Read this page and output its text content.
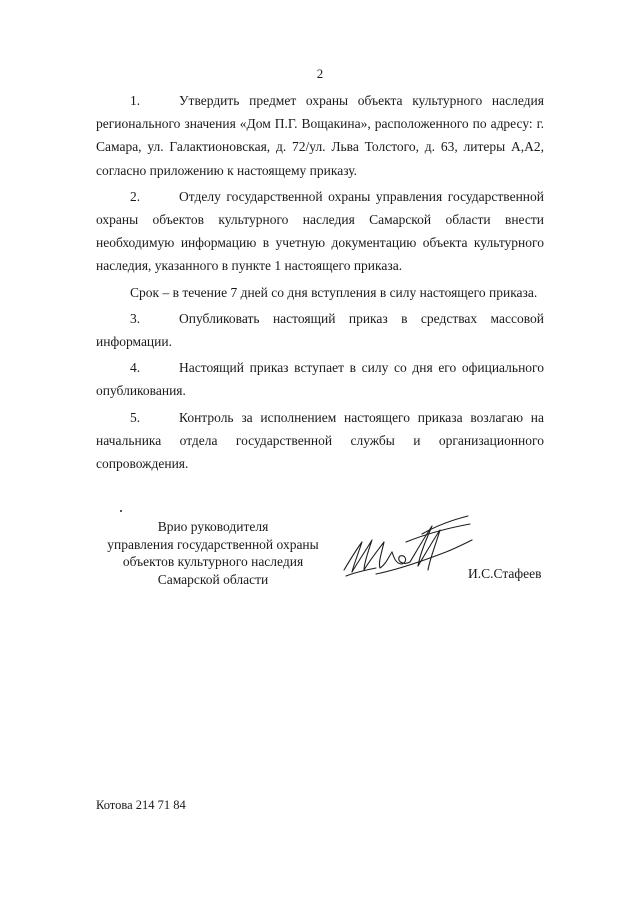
2

1.	Утвердить предмет охраны объекта культурного наследия регионального значения «Дом П.Г. Вощакина», расположенного по адресу: г. Самара, ул. Галактионовская, д. 72/ул. Льва Толстого, д. 63, литеры А,А2, согласно приложению к настоящему приказу.

2.	Отделу государственной охраны управления государственной охраны объектов культурного наследия Самарской области внести необходимую информацию в учетную документацию объекта культурного наследия, указанного в пункте 1 настоящего приказа.

Срок – в течение 7 дней со дня вступления в силу настоящего приказа.

3.	Опубликовать настоящий приказ в средствах массовой информации.

4.	Настоящий приказ вступает в силу со дня его официального опубликования.

5.	Контроль за исполнением настоящего приказа возлагаю на начальника отдела государственной службы и организационного сопровождения.

Врио руководителя
управления государственной охраны
объектов культурного наследия
Самарской области	И.С.Стафеев
Котова 214 71 84
